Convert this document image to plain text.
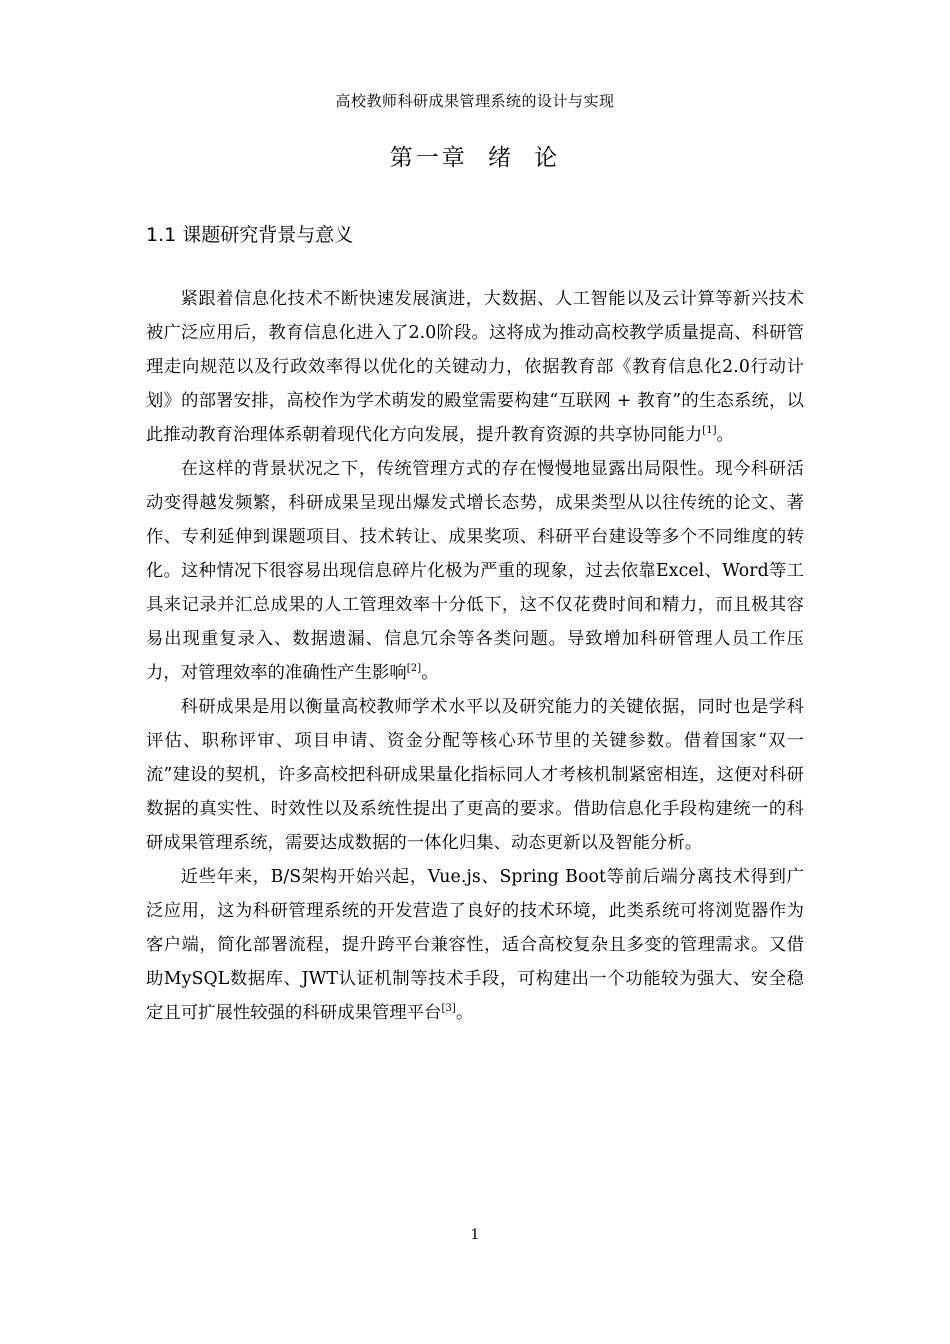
高校教师科研成果管理系统的设计与实现
第一章 绪 论
1.1 课题研究背景与意义

紧跟着信息化技术不断快速发展演进，大数据、人工智能以及云计算等新兴技术被广泛应用后，教育信息化进入了2.0阶段。这将成为推动高校教学质量提高、科研管理走向规范以及行政效率得以优化的关键动力，依据教育部《教育信息化2.0行动计划》的部署安排，高校作为学术萌发的殿堂需要构建“互联网 + 教育”的生态系统，以此推动教育治理体系朝着现代化方向发展，提升教育资源的共享协同能力[1]。

在这样的背景状况之下，传统管理方式的存在慢慢地显露出局限性。现今科研活动变得越发频繁，科研成果呈现出爆发式增长态势，成果类型从以往传统的论文、著作、专利延伸到课题项目、技术转让、成果奖项、科研平台建设等多个不同维度的转化。这种情况下很容易出现信息碎片化极为严重的现象，过去依靠Excel、Word等工具来记录并汇总成果的人工管理效率十分低下，这不仅花费时间和精力，而且极其容易出现重复录入、数据遗漏、信息冗余等各类问题。导致增加科研管理人员工作压力，对管理效率的准确性产生影响[2]。

科研成果是用以衡量高校教师学术水平以及研究能力的关键依据，同时也是学科评估、职称评审、项目申请、资金分配等核心环节里的关键参数。借着国家“双一流”建设的契机，许多高校把科研成果量化指标同人才考核机制紧密相连，这便对科研数据的真实性、时效性以及系统性提出了更高的要求。借助信息化手段构建统一的科研成果管理系统，需要达成数据的一体化归集、动态更新以及智能分析。

近些年来，B/S架构开始兴起，Vue.js、Spring Boot等前后端分离技术得到广泛应用，这为科研管理系统的开发营造了良好的技术环境，此类系统可将浏览器作为客户端，简化部署流程，提升跨平台兼容性，适合高校复杂且多变的管理需求。又借助MySQL数据库、JWT认证机制等技术手段，可构建出一个功能较为强大、安全稳定且可扩展性较强的科研成果管理平台[3]。

1
